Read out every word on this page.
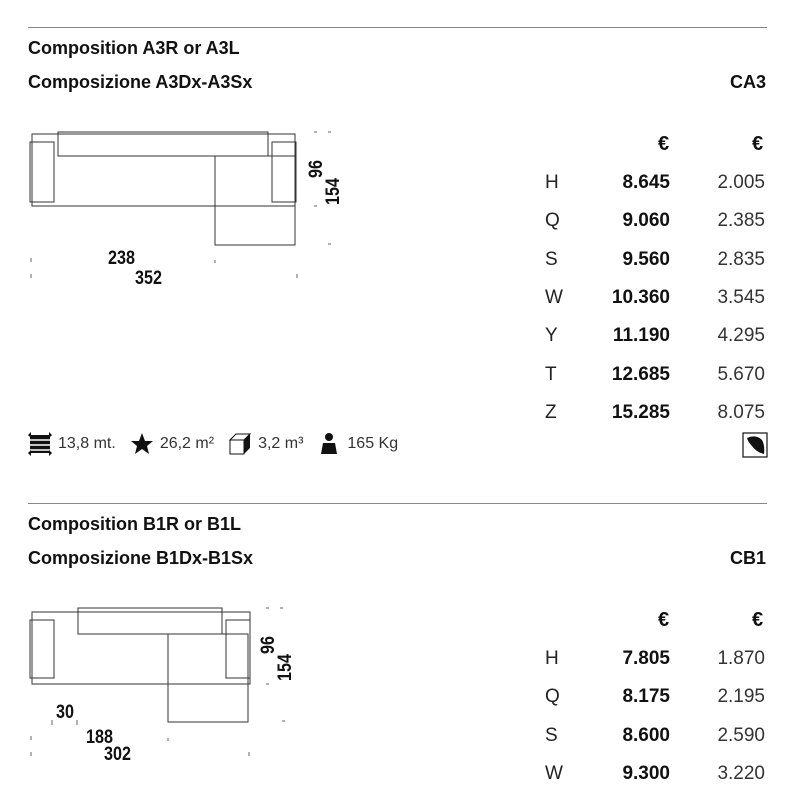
Composition A3R or A3L
Composizione A3Dx-A3Sx	CA3
96
154
238
352
€	€
H	8.645 2.005
Q	9.060 2.385
S	9.560 2.835
W	10.360 3.545
Y	11.190 4.295
T	12.685 5.670
Z	15.285 8.075
13,8 mt.	26,2 m²	3,2 m³	165 Kg
Composition B1R or B1L
Composizione B1Dx-B1Sx	CB1
96
154
30
188
302
€	€
H	7.805 1.870
Q	8.175 2.195
S	8.600 2.590
W	9.300 3.220
